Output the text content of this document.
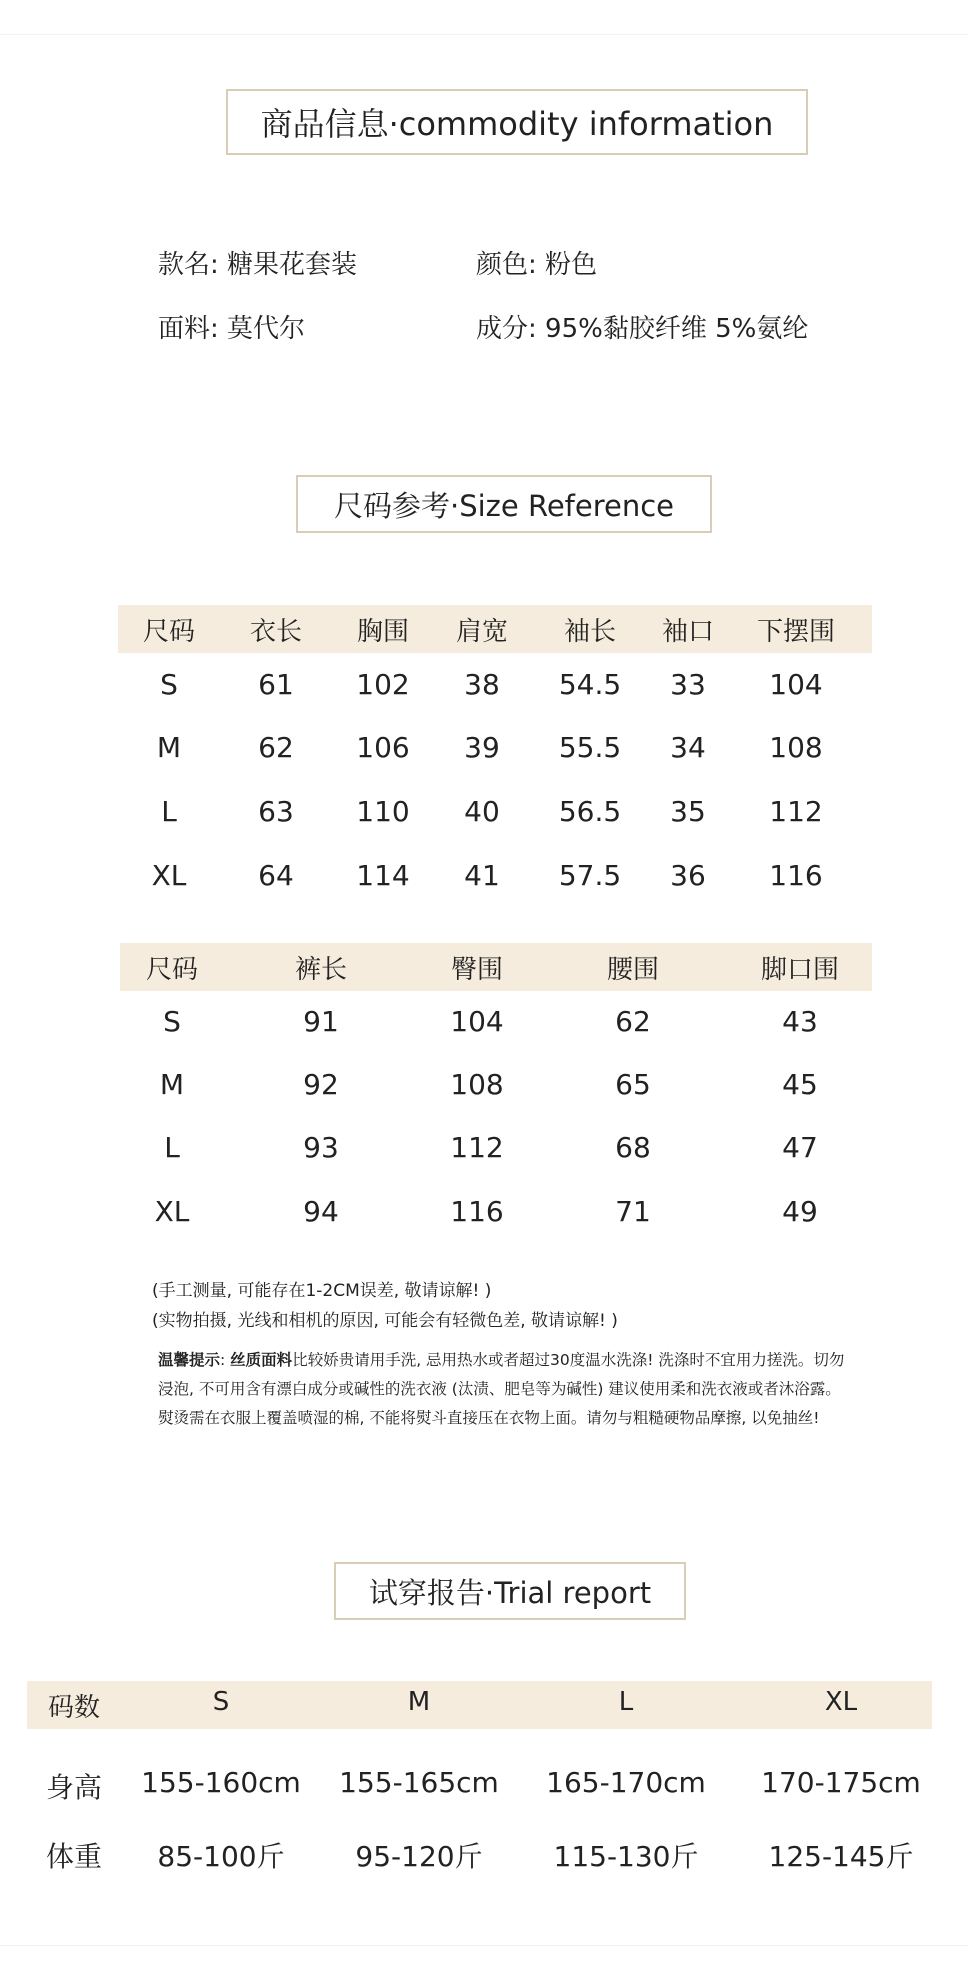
商品信息·commodity information
款名: 糖果花套装	颜色: 粉色
面料: 莫代尔	成分: 95%黏胶纤维 5%氨纶
尺码参考·Size Reference
尺码 衣长 胸围 肩宽 袖长 袖口 下摆围
S	61 102 38 54.5 33 104
M	62 106 39 55.5 34 108
L	63 110 40 56.5 35 112
XL	64 114 41 57.5 36 116
尺码	裤长	臀围	腰围	脚口围
S	91	104	62	43
M	92	108	65	45
L	93	112	68	47
XL	94	116	71	49
(手工测量, 可能存在1-2CM误差, 敬请谅解! )
(实物拍摄, 光线和相机的原因, 可能会有轻微色差, 敬请谅解! )
温馨提示: 丝质面料比较娇贵请用手洗, 忌用热水或者超过30度温水洗涤! 洗涤时不宜用力搓洗。切勿浸泡, 不可用含有漂白成分或碱性的洗衣液 (汰渍、肥皂等为碱性) 建议使用柔和洗衣液或者沐浴露。熨烫需在衣服上覆盖喷湿的棉, 不能将熨斗直接压在衣物上面。请勿与粗糙硬物品摩擦, 以免抽丝!
试穿报告·Trial report
码数	S	M	L	XL
身高 155-160cm 155-165cm 165-170cm 170-175cm
体重 85-100斤	95-120斤	115-130斤	125-145斤
